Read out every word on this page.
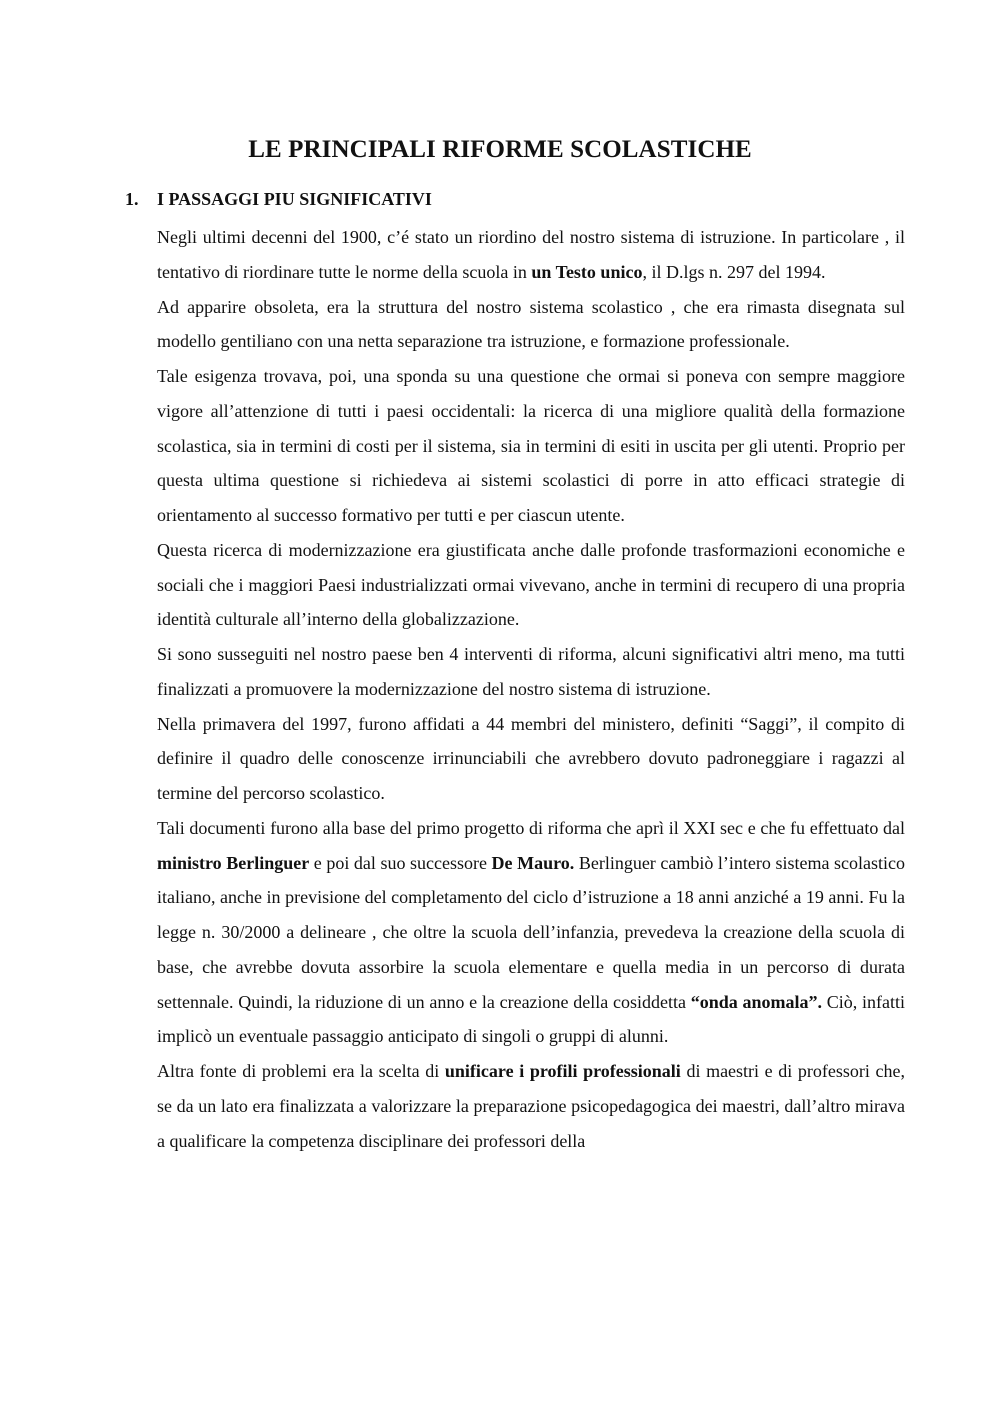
LE PRINCIPALI RIFORME SCOLASTICHE
1. I PASSAGGI PIU SIGNIFICATIVI

Negli ultimi decenni del 1900, c’é stato un riordino del nostro sistema di istruzione. In particolare , il tentativo di riordinare tutte le norme della scuola in un Testo unico, il D.lgs n. 297 del 1994.

Ad apparire obsoleta, era la struttura del nostro sistema scolastico , che era rimasta disegnata sul modello gentiliano con una netta separazione tra istruzione, e formazione professionale.

Tale esigenza trovava, poi, una sponda su una questione che ormai si poneva con sempre maggiore vigore all’attenzione di tutti i paesi occidentali: la ricerca di una migliore qualità della formazione scolastica, sia in termini di costi per il sistema, sia in termini di esiti in uscita per gli utenti. Proprio per questa ultima questione si richiedeva ai sistemi scolastici di porre in atto efficaci strategie di orientamento al successo formativo per tutti e per ciascun utente.

Questa ricerca di modernizzazione era giustificata anche dalle profonde trasformazioni economiche e sociali che i maggiori Paesi industrializzati ormai vivevano, anche in termini di recupero di una propria identità culturale all’interno della globalizzazione.

Si sono susseguiti nel nostro paese ben 4 interventi di riforma, alcuni significativi altri meno, ma tutti finalizzati a promuovere la modernizzazione del nostro sistema di istruzione.

Nella primavera del 1997, furono affidati a 44 membri del ministero, definiti “Saggi”, il compito di definire il quadro delle conoscenze irrinunciabili che avrebbero dovuto padroneggiare i ragazzi al termine del percorso scolastico.

Tali documenti furono alla base del primo progetto di riforma che aprì il XXI sec e che fu effettuato dal ministro Berlinguer e poi dal suo successore De Mauro. Berlinguer cambiò l’intero sistema scolastico italiano, anche in previsione del completamento del ciclo d’istruzione a 18 anni anziché a 19 anni. Fu la legge n. 30/2000 a delineare , che oltre la scuola dell’infanzia, prevedeva la creazione della scuola di base, che avrebbe dovuta assorbire la scuola elementare e quella media in un percorso di durata settennale. Quindi, la riduzione di un anno e la creazione della cosiddetta “onda anomala”. Ciò, infatti implicò un eventuale passaggio anticipato di singoli o gruppi di alunni.

Altra fonte di problemi era la scelta di unificare i profili professionali di maestri e di professori che, se da un lato era finalizzata a valorizzare la preparazione psicopedagogica dei maestri, dall’altro mirava a qualificare la competenza disciplinare dei professori della
